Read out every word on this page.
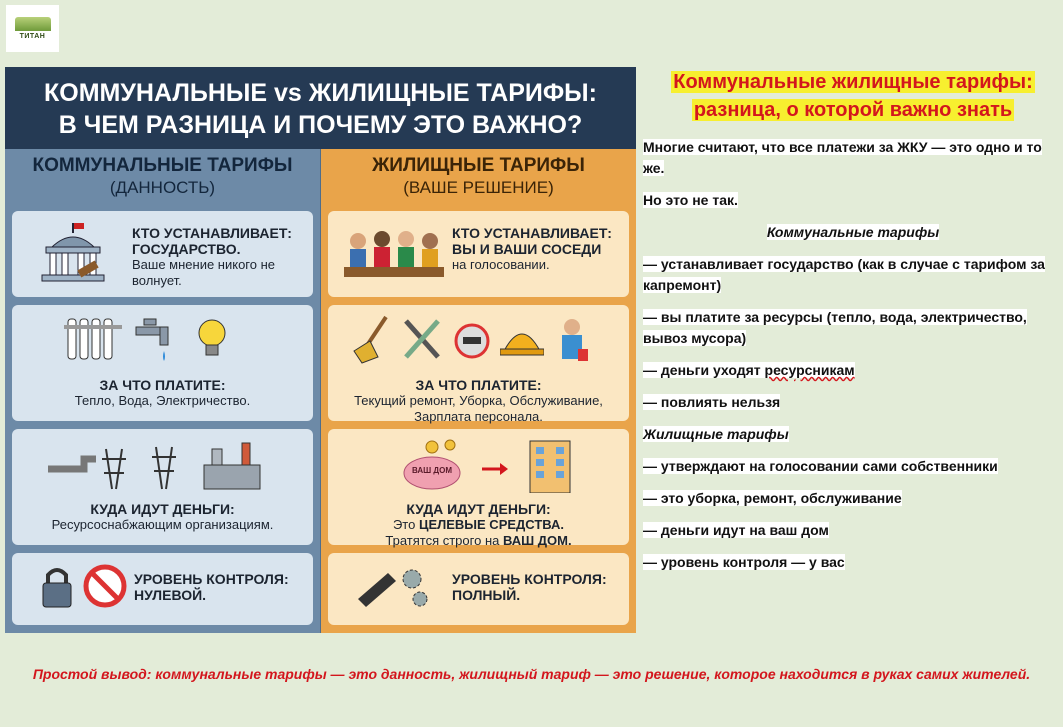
ТИТАН
КОММУНАЛЬНЫЕ vs ЖИЛИЩНЫЕ ТАРИФЫ:
В ЧЕМ РАЗНИЦА И ПОЧЕМУ ЭТО ВАЖНО?
КОММУНАЛЬНЫЕ ТАРИФЫ
(ДАННОСТЬ)
КТО УСТАНАВЛИВАЕТ:
ГОСУДАРСТВО.
Ваше мнение никого не волнует.
ЗА ЧТО ПЛАТИТЕ:
Тепло, Вода, Электричество.
КУДА ИДУТ ДЕНЬГИ:
Ресурсоснабжающим организациям.
УРОВЕНЬ КОНТРОЛЯ:
НУЛЕВОЙ.
ЖИЛИЩНЫЕ ТАРИФЫ
(ВАШЕ РЕШЕНИЕ)
КТО УСТАНАВЛИВАЕТ:
ВЫ И ВАШИ СОСЕДИ
на голосовании.
ЗА ЧТО ПЛАТИТЕ:
Текущий ремонт, Уборка, Обслуживание, Зарплата персонала.
ВАШ ДОМ
КУДА ИДУТ ДЕНЬГИ:
Это ЦЕЛЕВЫЕ СРЕДСТВА.
Тратятся строго на ВАШ ДОМ.
УРОВЕНЬ КОНТРОЛЯ:
ПОЛНЫЙ.
Коммунальные жилищные тарифы:
разница, о которой важно знать

Многие считают, что все платежи за ЖКУ — это одно и то же.

Но это не так.

Коммунальные тарифы

— устанавливает государство (как в случае с тарифом за капремонт)

— вы платите за ресурсы (тепло, вода, электричество, вывоз мусора)

— деньги уходят ресурсникам

— повлиять нельзя

Жилищные тарифы

— утверждают на голосовании сами собственники

— это уборка, ремонт, обслуживание

— деньги идут на ваш дом

— уровень контроля — у вас

Простой вывод: коммунальные тарифы — это данность, жилищный тариф — это решение, которое находится в руках самих жителей.
